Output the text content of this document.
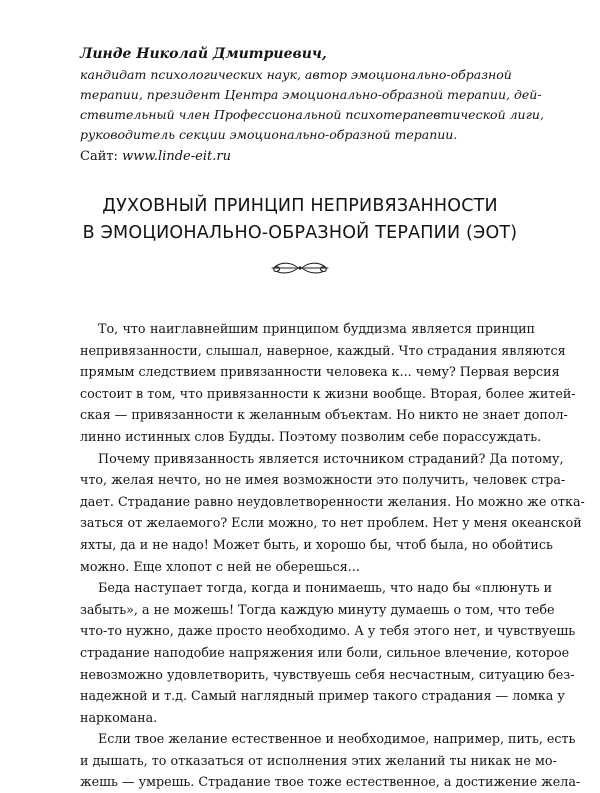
Линде Николай Дмитриевич,
кандидат психологических наук, автор эмоционально-образной
терапии, президент Центра эмоционально-образной терапии, дей-
ствительный член Профессиональной психотерапевтической лиги,
руководитель секции эмоционально-образной терапии.
Сайт: www.linde-eit.ru
ДУХОВНЫЙ ПРИНЦИП НЕПРИВЯЗАННОСТИ
В ЭМОЦИОНАЛЬНО-ОБРАЗНОЙ ТЕРАПИИ (ЭОТ)
То, что наиглавнейшим принципом буддизма является принцип
непривязанности, слышал, наверное, каждый. Что страдания являются
прямым следствием привязанности человека к... чему? Первая версия
состоит в том, что привязанности к жизни вообще. Вторая, более житей-
ская — привязанности к желанным объектам. Но никто не знает допол-
линно истинных слов Будды. Поэтому позволим себе порассуждать.
Почему привязанность является источником страданий? Да потому,
что, желая нечто, но не имея возможности это получить, человек стра-
дает. Страдание равно неудовлетворенности желания. Но можно же отка-
заться от желаемого? Если можно, то нет проблем. Нет у меня океанской
яхты, да и не надо! Может быть, и хорошо бы, чтоб была, но обойтись
можно. Еще хлопот с ней не оберешься...
Беда наступает тогда, когда и понимаешь, что надо бы «плюнуть и
забыть», а не можешь! Тогда каждую минуту думаешь о том, что тебе
что-то нужно, даже просто необходимо. А у тебя этого нет, и чувствуешь
страдание наподобие напряжения или боли, сильное влечение, которое
невозможно удовлетворить, чувствуешь себя несчастным, ситуацию без-
надежной и т.д. Самый наглядный пример такого страдания — ломка у
наркомана.
Если твое желание естественное и необходимое, например, пить, есть
и дышать, то отказаться от исполнения этих желаний ты никак не мо-
жешь — умрешь. Страдание твое тоже естественное, а достижение жела-
